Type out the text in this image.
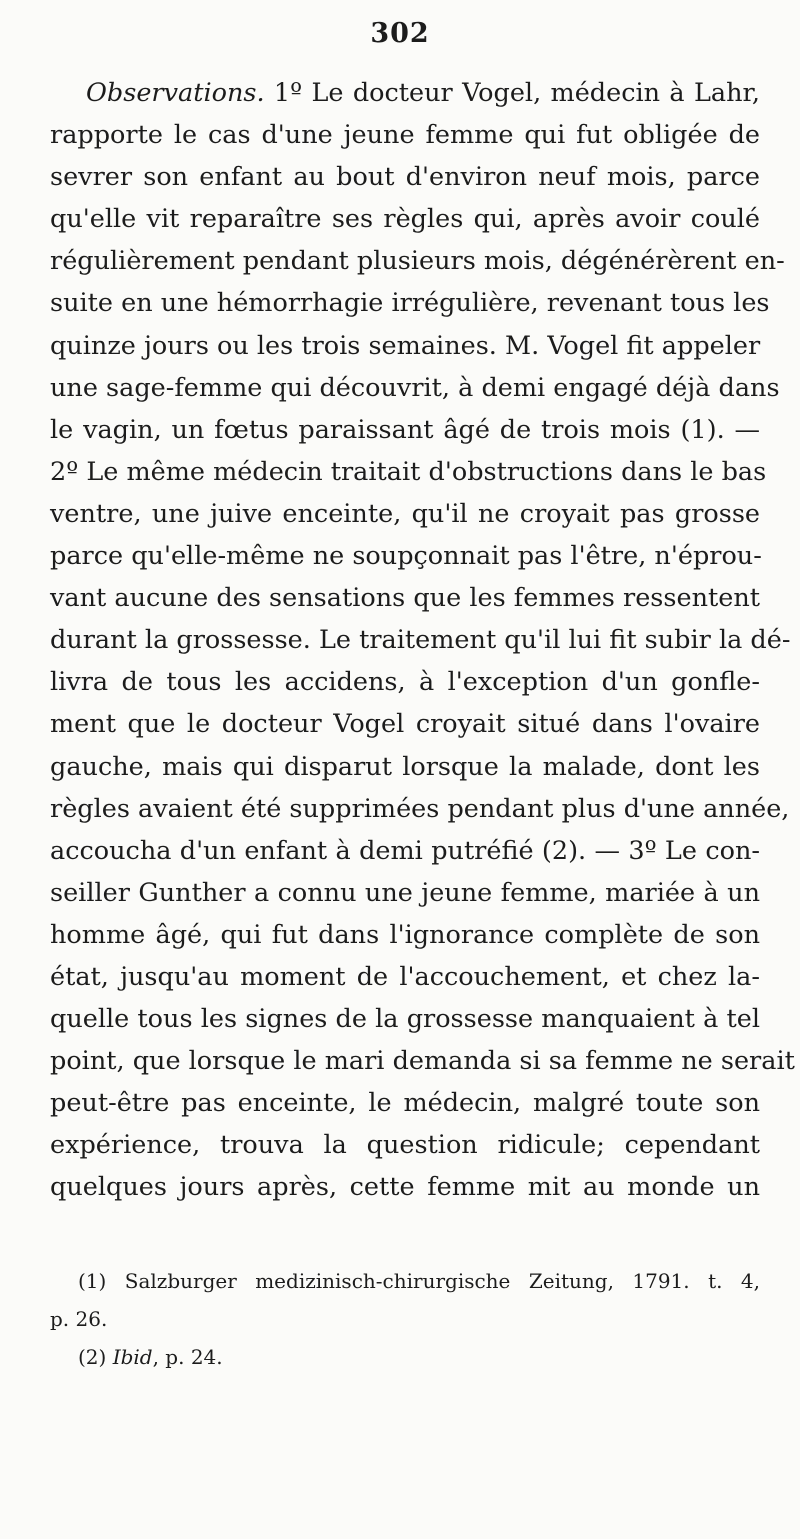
302
Observations. 1º Le docteur Vogel, médecin à Lahr,
rapporte le cas d'une jeune femme qui fut obligée de
sevrer son enfant au bout d'environ neuf mois, parce
qu'elle vit reparaître ses règles qui, après avoir coulé
régulièrement pendant plusieurs mois, dégénérèrent en-
suite en une hémorrhagie irrégulière, revenant tous les
quinze jours ou les trois semaines. M. Vogel fit appeler
une sage-femme qui découvrit, à demi engagé déjà dans
le vagin, un fœtus paraissant âgé de trois mois (1). —
2º Le même médecin traitait d'obstructions dans le bas
ventre, une juive enceinte, qu'il ne croyait pas grosse
parce qu'elle-même ne soupçonnait pas l'être, n'éprou-
vant aucune des sensations que les femmes ressentent
durant la grossesse. Le traitement qu'il lui fit subir la dé-
livra de tous les accidens, à l'exception d'un gonfle-
ment que le docteur Vogel croyait situé dans l'ovaire
gauche, mais qui disparut lorsque la malade, dont les
règles avaient été supprimées pendant plus d'une année,
accoucha d'un enfant à demi putréfié (2). — 3º Le con-
seiller Gunther a connu une jeune femme, mariée à un
homme âgé, qui fut dans l'ignorance complète de son
état, jusqu'au moment de l'accouchement, et chez la-
quelle tous les signes de la grossesse manquaient à tel
point, que lorsque le mari demanda si sa femme ne serait
peut-être pas enceinte, le médecin, malgré toute son
expérience, trouva la question ridicule; cependant
quelques jours après, cette femme mit au monde un
(1) Salzburger medizinisch-chirurgische Zeitung, 1791. t. 4,
p. 26.
(2) Ibid, p. 24.
